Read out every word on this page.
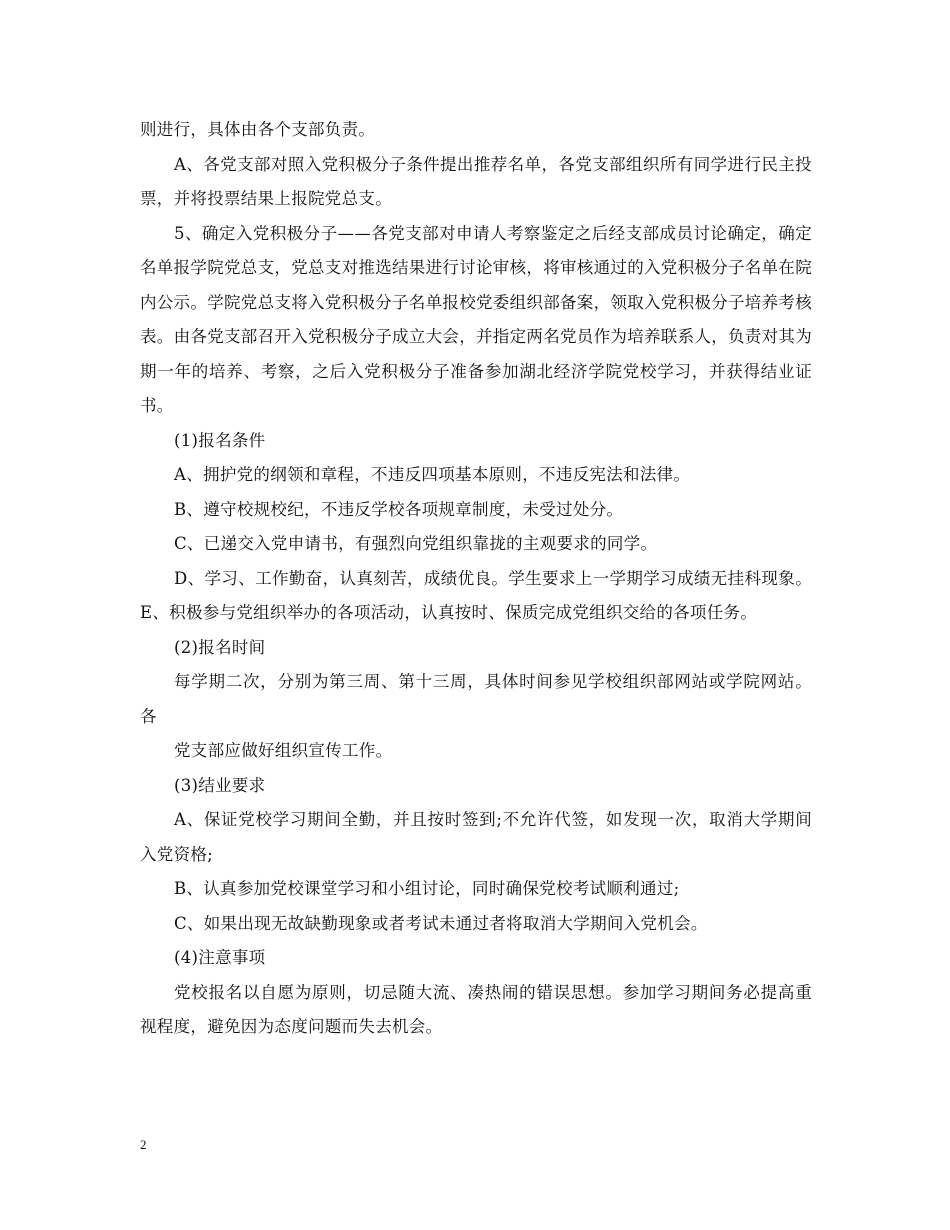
则进行，具体由各个支部负责。

A、各党支部对照入党积极分子条件提出推荐名单，各党支部组织所有同学进行民主投票，并将投票结果上报院党总支。

5、确定入党积极分子——各党支部对申请人考察鉴定之后经支部成员讨论确定，确定名单报学院党总支，党总支对推选结果进行讨论审核，将审核通过的入党积极分子名单在院内公示。学院党总支将入党积极分子名单报校党委组织部备案，领取入党积极分子培养考核表。由各党支部召开入党积极分子成立大会，并指定两名党员作为培养联系人，负责对其为期一年的培养、考察，之后入党积极分子准备参加湖北经济学院党校学习，并获得结业证书。

(1)报名条件

A、拥护党的纲领和章程，不违反四项基本原则，不违反宪法和法律。

B、遵守校规校纪，不违反学校各项规章制度，未受过处分。

C、已递交入党申请书，有强烈向党组织靠拢的主观要求的同学。

D、学习、工作勤奋，认真刻苦，成绩优良。学生要求上一学期学习成绩无挂科现象。E、积极参与党组织举办的各项活动，认真按时、保质完成党组织交给的各项任务。

(2)报名时间

每学期二次，分别为第三周、第十三周，具体时间参见学校组织部网站或学院网站。各

党支部应做好组织宣传工作。

(3)结业要求

A、保证党校学习期间全勤，并且按时签到;不允许代签，如发现一次，取消大学期间入党资格;

B、认真参加党校课堂学习和小组讨论，同时确保党校考试顺利通过;

C、如果出现无故缺勤现象或者考试未通过者将取消大学期间入党机会。

(4)注意事项

党校报名以自愿为原则，切忌随大流、凑热闹的错误思想。参加学习期间务必提高重视程度，避免因为态度问题而失去机会。

2
